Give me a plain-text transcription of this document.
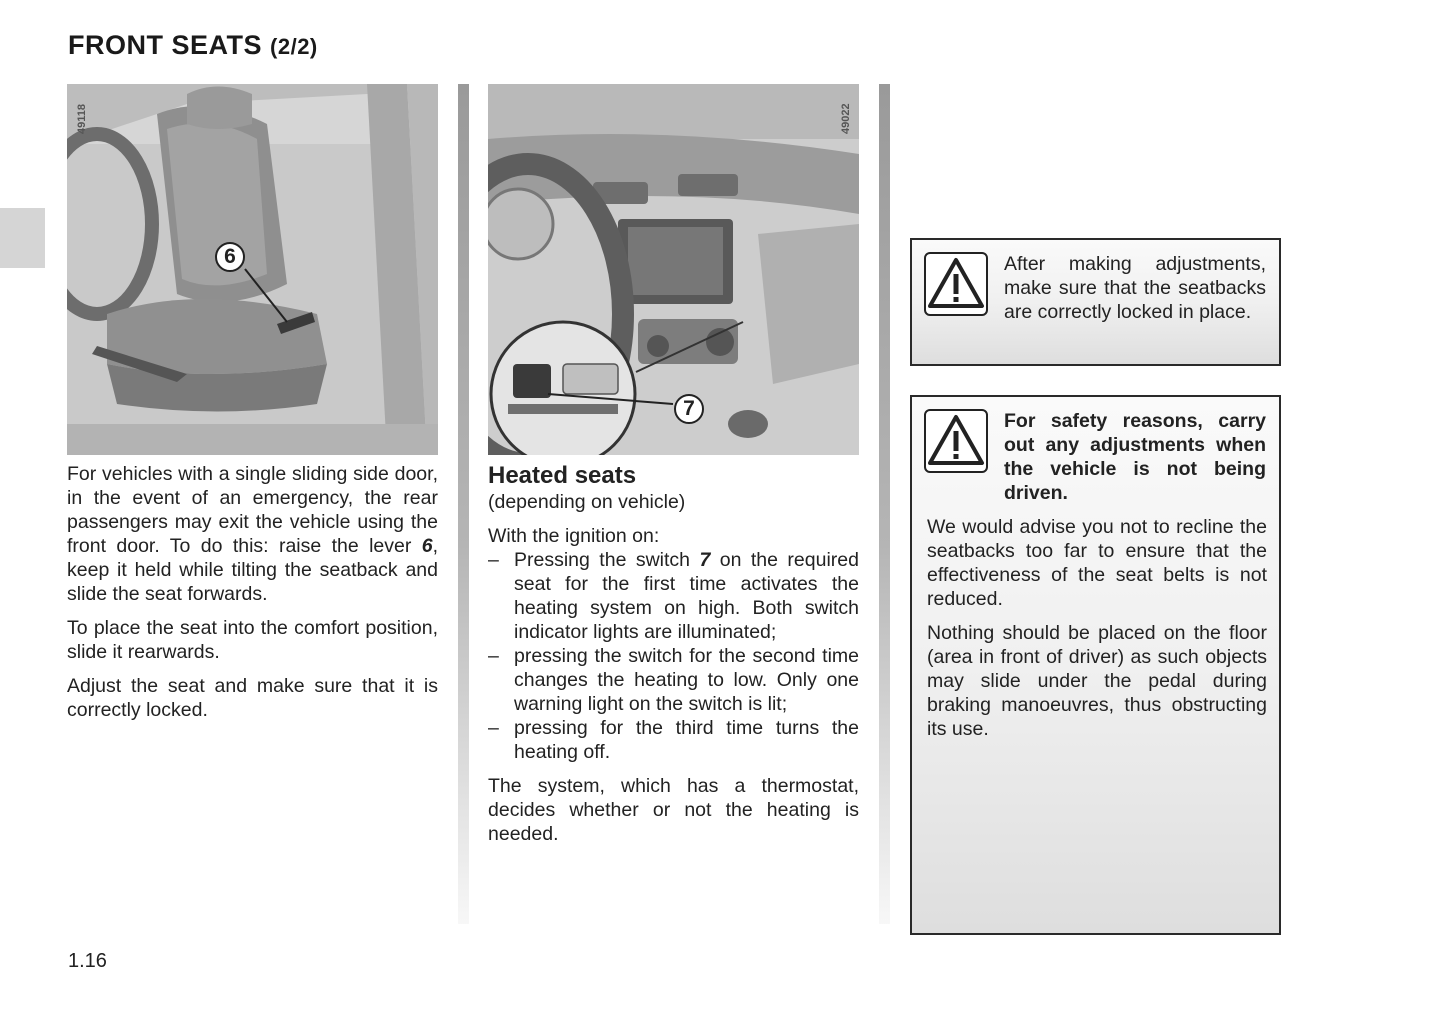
FRONT SEATS (2/2)
6
49118

For vehicles with a single sliding side door, in the event of an emergency, the rear passengers may exit the vehicle using the front door. To do this: raise the lever 6, keep it held while tilting the seatback and slide the seat forwards.

To place the seat into the comfort position, slide it rearwards.

Adjust the seat and make sure that it is correctly locked.

7
49022
Heated seats

(depending on vehicle)

With the ignition on:

– Pressing the switch 7 on the required seat for the first time activates the heating system on high. Both switch indicator lights are illuminated;
– pressing the switch for the second time changes the heating to low. Only one warning light on the switch is lit;
– pressing for the third time turns the heating off.

The system, which has a thermostat, decides whether or not the heating is needed.

After making adjustments, make sure that the seatbacks are correctly locked in place.
For safety reasons, carry out any adjustments when the vehicle is not being driven.

We would advise you not to recline the seatbacks too far to ensure that the effectiveness of the seat belts is not reduced.

Nothing should be placed on the floor (area in front of driver) as such objects may slide under the pedal during braking manoeuvres, thus obstructing its use.

1.16
